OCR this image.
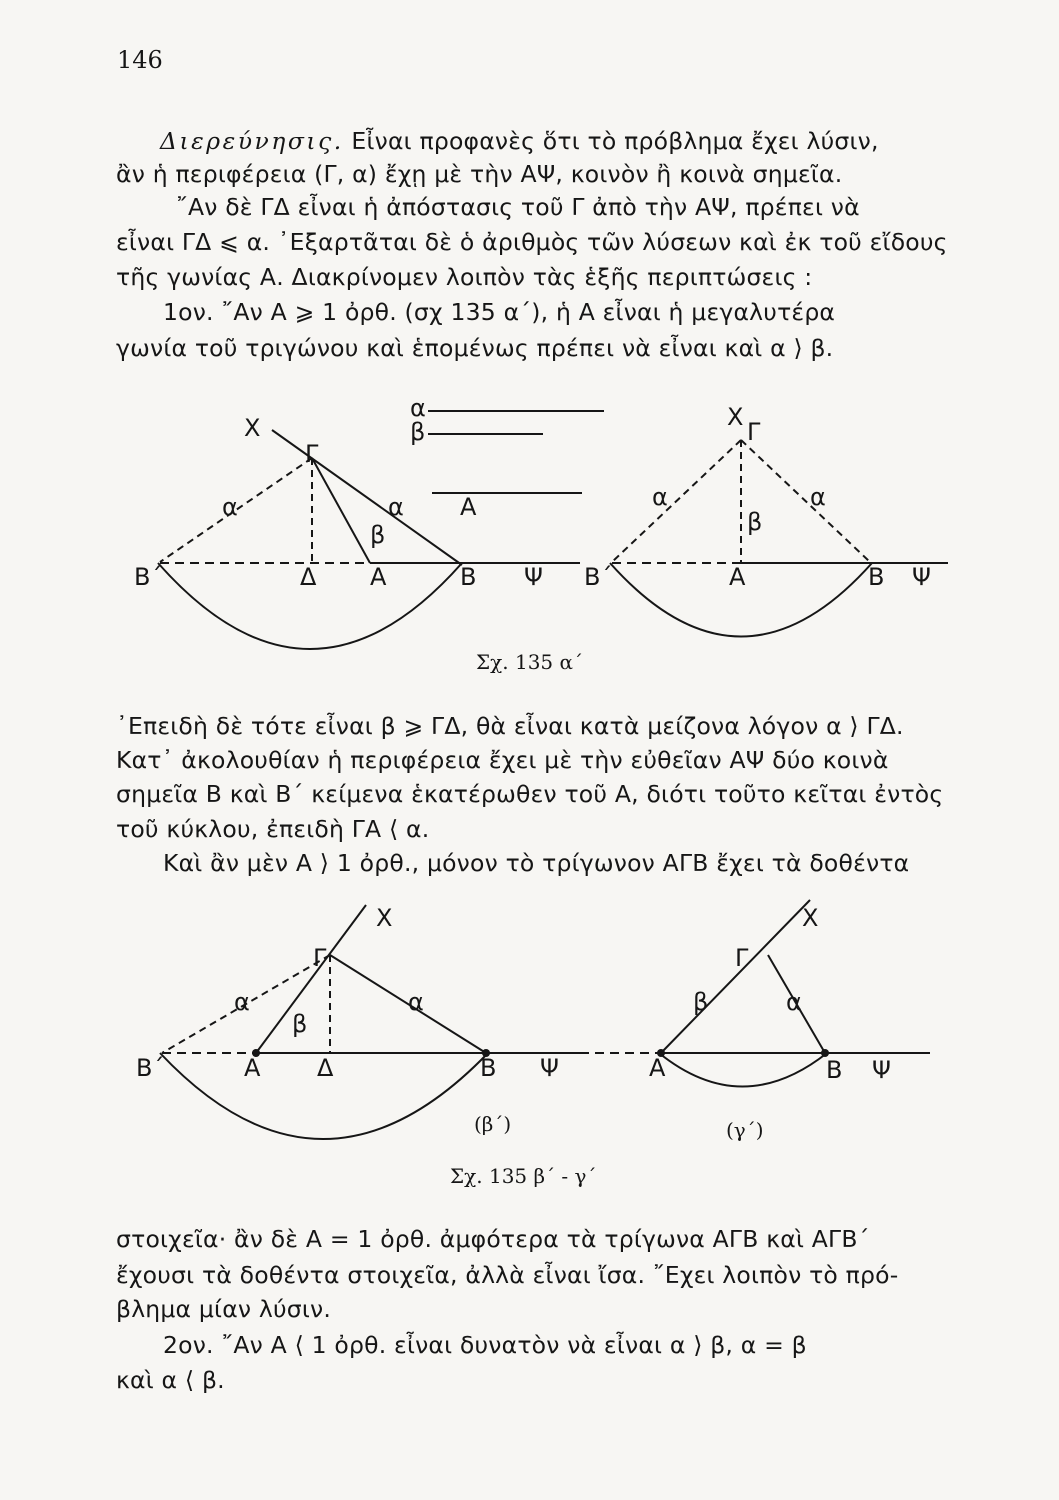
146
Διερεύνησις. Εἶναι προφανὲς ὅτι τὸ πρόβλημα ἔχει λύσιν,
ἂν ἡ περιφέρεια (Γ, α) ἔχῃ μὲ τὴν ΑΨ, κοινὸν ἢ κοινὰ σημεῖα.
῎Αν δὲ ΓΔ εἶναι ἡ ἀπόστασις τοῦ Γ ἀπὸ τὴν ΑΨ, πρέπει νὰ
εἶναι ΓΔ ⩽ α. ᾿Εξαρτᾶται δὲ ὁ ἀριθμὸς τῶν λύσεων καὶ ἐκ τοῦ εἴδους
τῆς γωνίας Α. Διακρίνομεν λοιπὸν τὰς ἑξῆς περιπτώσεις :
1ον. ῎Αν Α ⩾ 1 ὀρθ. (σχ 135 α΄), ἡ Α εἶναι ἡ μεγαλυτέρα
γωνία τοῦ τριγώνου καὶ ἑπομένως πρέπει νὰ εἶναι καὶ α ⟩ β.
X
Γ
α	α
β
Α
Β΄	Δ Α	Β Ψ
α
β
X
Γ
α	α
β
Β΄	Α	Β Ψ
Σχ. 135 α΄
᾿Επειδὴ δὲ τότε εἶναι β ⩾ ΓΔ, θὰ εἶναι κατὰ μείζονα λόγον α ⟩ ΓΔ.
Κατ᾿ ἀκολουθίαν ἡ περιφέρεια ἔχει μὲ τὴν εὐθεῖαν ΑΨ δύο κοινὰ
σημεῖα Β καὶ Β΄ κείμενα ἑκατέρωθεν τοῦ Α, διότι τοῦτο κεῖται ἐντὸς
τοῦ κύκλου, ἐπειδὴ ΓΑ ⟨ α.
Καὶ ἂν μὲν Α ⟩ 1 ὀρθ., μόνον τὸ τρίγωνον ΑΓΒ ἔχει τὰ δοθέντα
X
Γ
α	α
β
Β΄	Α Δ	Β Ψ
X
Γ
β	α
Α	Β Ψ
(β΄)	(γ΄)
Σχ. 135 β΄ - γ΄
στοιχεῖα· ἂν δὲ Α = 1 ὀρθ. ἀμφότερα τὰ τρίγωνα ΑΓΒ καὶ ΑΓΒ΄
ἔχουσι τὰ δοθέντα στοιχεῖα, ἀλλὰ εἶναι ἴσα. ῎Εχει λοιπὸν τὸ πρό-
βλημα μίαν λύσιν.
2ον. ῎Αν Α ⟨ 1 ὀρθ. εἶναι δυνατὸν νὰ εἶναι α ⟩ β, α = β
καὶ α ⟨ β.
